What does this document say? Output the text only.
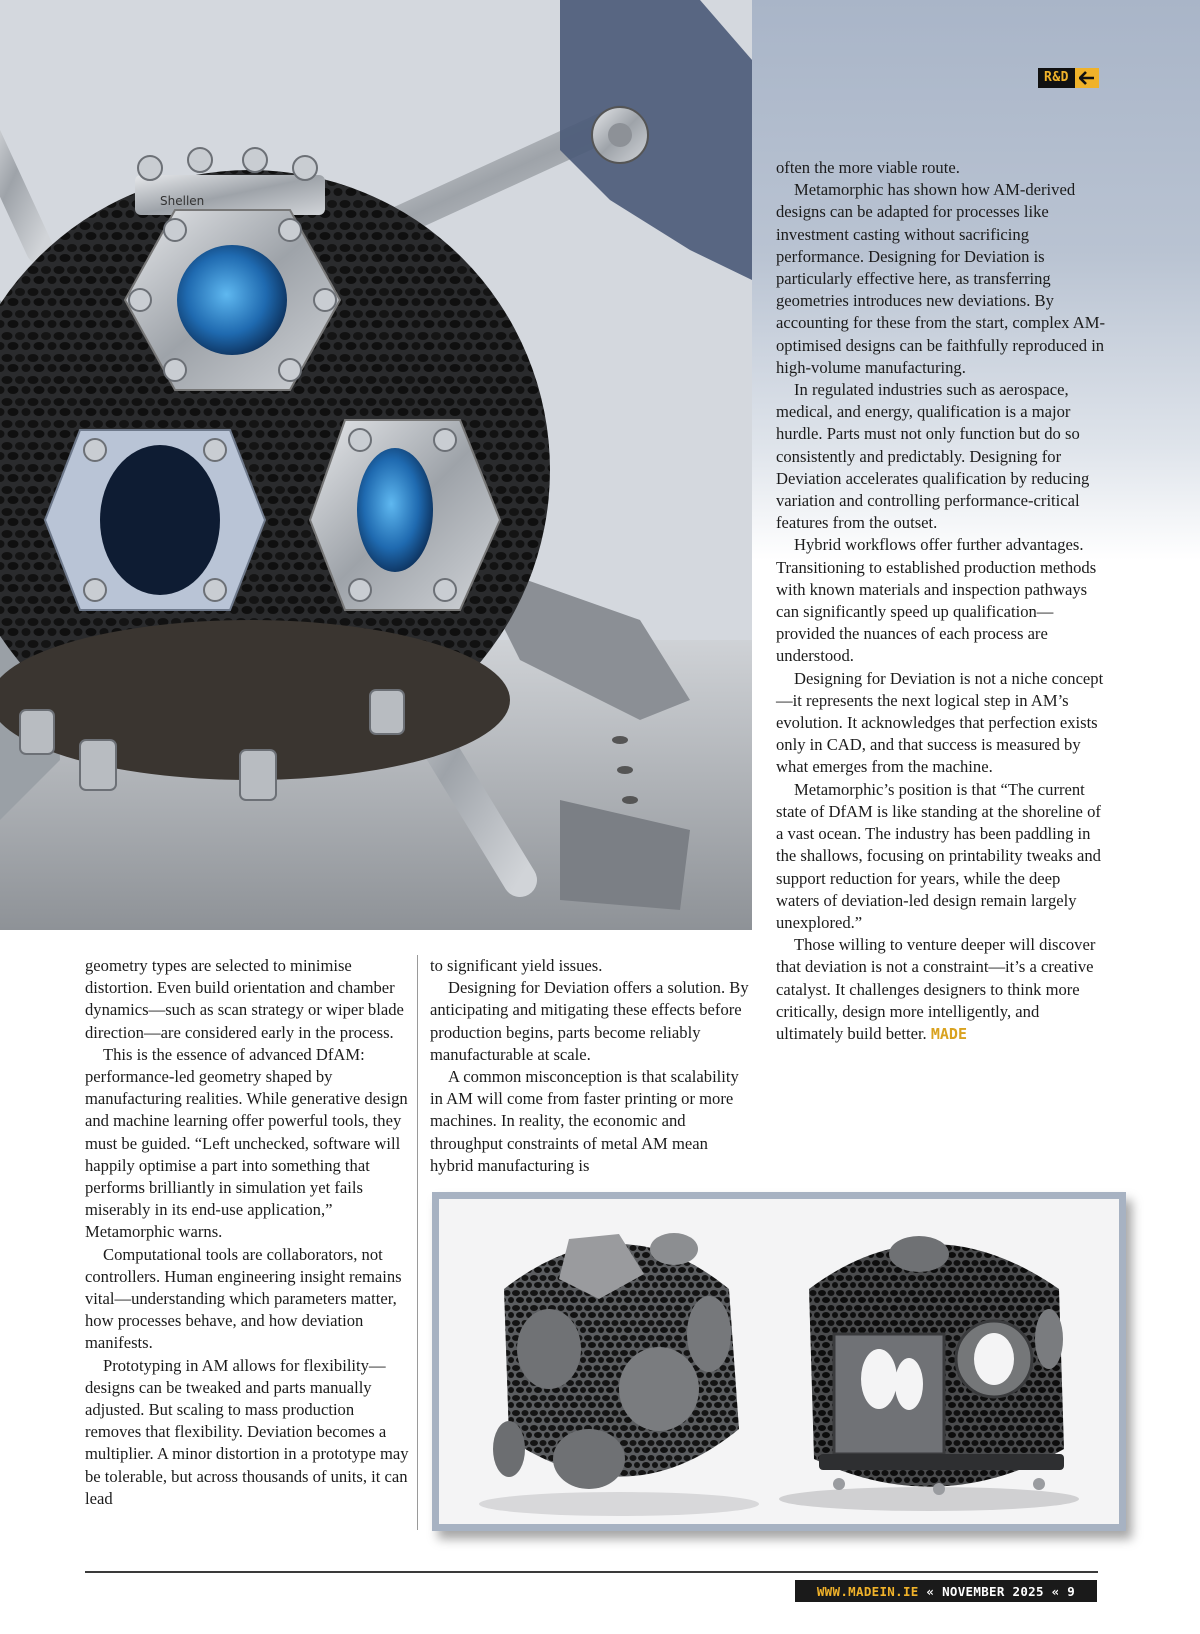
Shellen
R&D

often the more viable route.

Metamorphic has shown how AM-derived designs can be adapted for processes like investment casting without sacrificing performance. Designing for Deviation is particularly effective here, as transferring geometries introduces new deviations. By accounting for these from the start, complex AM-optimised designs can be faithfully reproduced in high-volume manufacturing.

In regulated industries such as aerospace, medical, and energy, qualification is a major hurdle. Parts must not only function but do so consistently and predictably. Designing for Deviation accelerates qualification by reducing variation and controlling performance-critical features from the outset.

Hybrid workflows offer further advantages. Transitioning to established production methods with known materials and inspection pathways can significantly speed up qualification—provided the nuances of each process are understood.

Designing for Deviation is not a niche concept—it represents the next logical step in AM’s evolution. It acknowledges that perfection exists only in CAD, and that success is measured by what emerges from the machine.

Metamorphic’s position is that “The current state of DfAM is like standing at the shoreline of a vast ocean. The industry has been paddling in the shallows, focusing on printability tweaks and support reduction for years, while the deep waters of deviation-led design remain largely unexplored.”

Those willing to venture deeper will discover that deviation is not a constraint—it’s a creative catalyst. It challenges designers to think more critically, design more intelligently, and ultimately build better. MADE

geometry types are selected to minimise distortion. Even build orientation and chamber dynamics—such as scan strategy or wiper blade direction—are considered early in the process.

This is the essence of advanced DfAM: performance-led geometry shaped by manufacturing realities. While generative design and machine learning offer powerful tools, they must be guided. “Left unchecked, software will happily optimise a part into something that performs brilliantly in simulation yet fails miserably in its end-use application,” Metamorphic warns.

Computational tools are collaborators, not controllers. Human engineering insight remains vital—understanding which parameters matter, how processes behave, and how deviation manifests.

Prototyping in AM allows for flexibility—designs can be tweaked and parts manually adjusted. But scaling to mass production removes that flexibility. Deviation becomes a multiplier. A minor distortion in a prototype may be tolerable, but across thousands of units, it can lead

to significant yield issues.

Designing for Deviation offers a solution. By anticipating and mitigating these effects before production begins, parts become reliably manufacturable at scale.

A common misconception is that scalability in AM will come from faster printing or more machines. In reality, the economic and throughput constraints of metal AM mean hybrid manufacturing is

WWW.MADEIN.IE « NOVEMBER 2025 « 9
